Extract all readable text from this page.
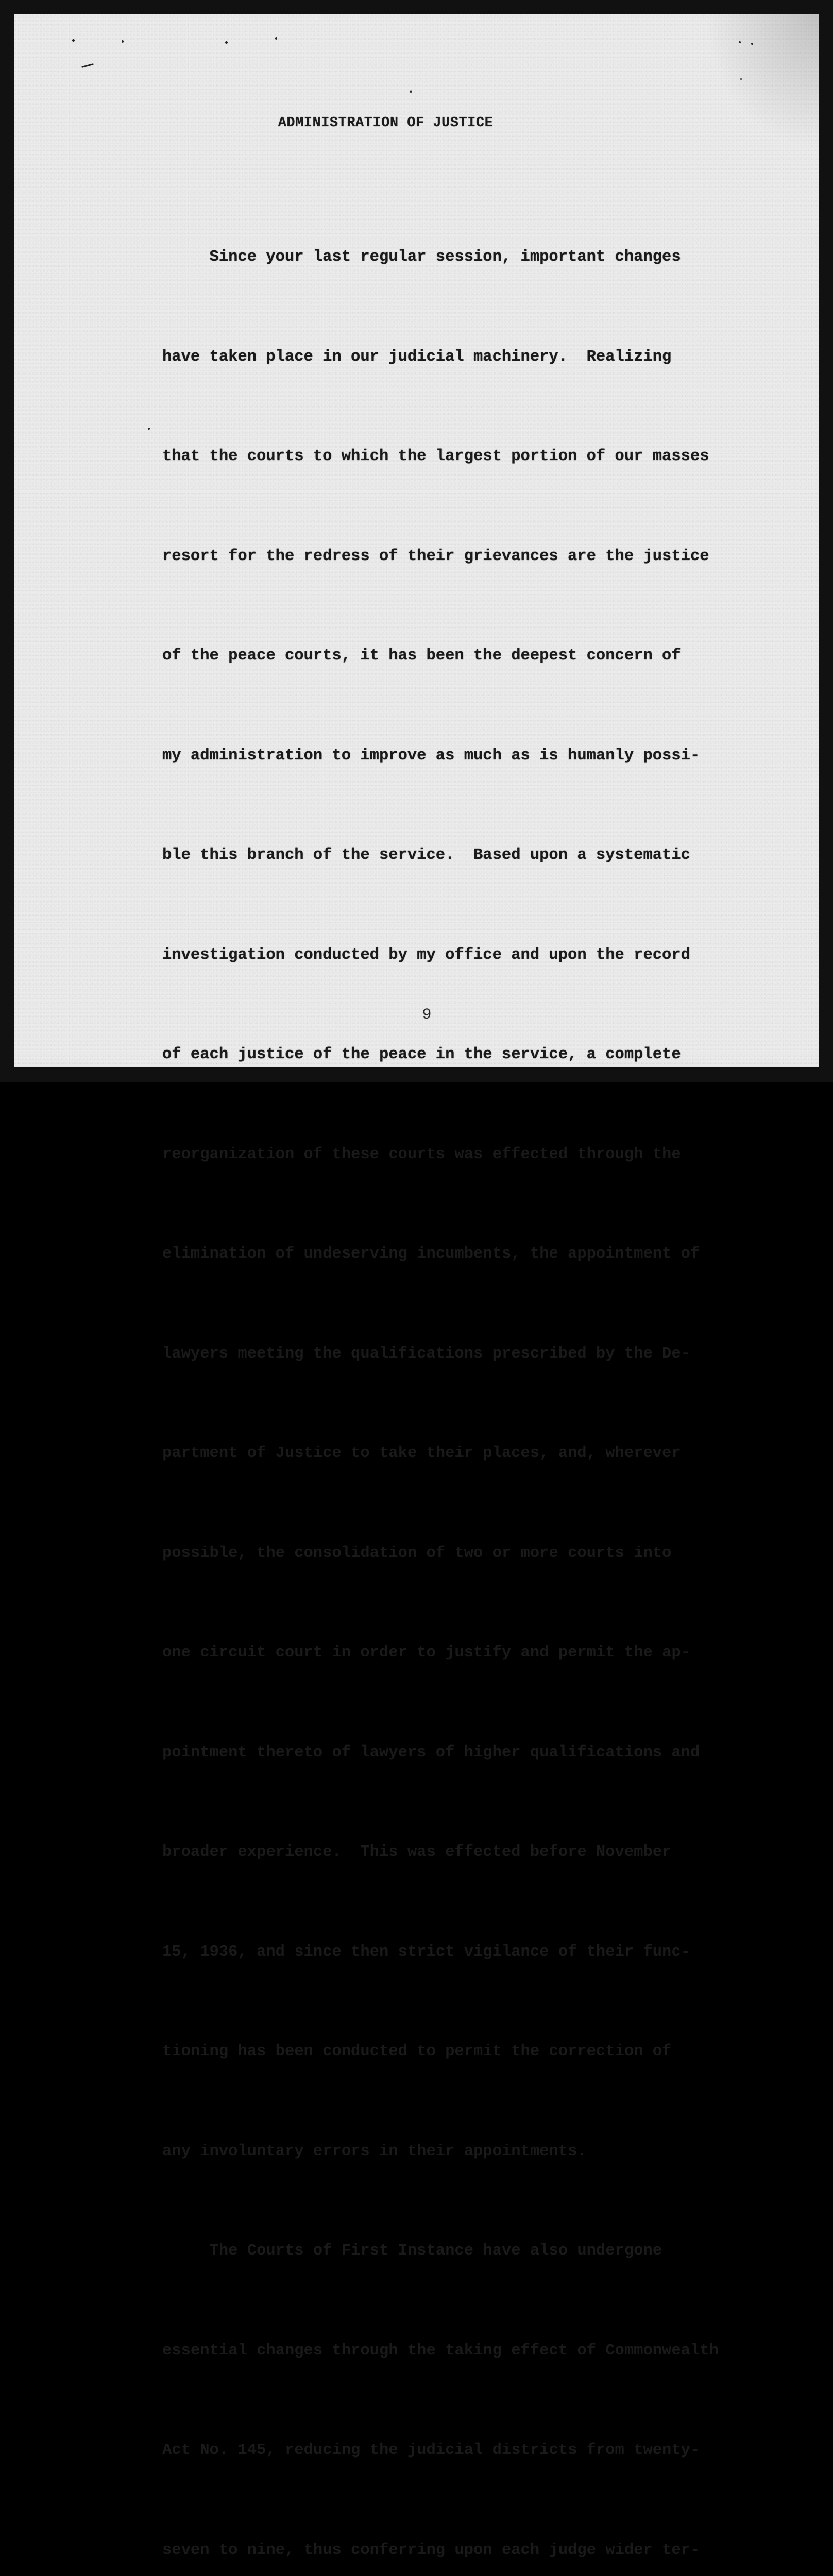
ADMINISTRATION OF JUSTICE

Since your last regular session, important changes

have taken place in our judicial machinery.  Realizing

that the courts to which the largest portion of our masses

resort for the redress of their grievances are the justice

of the peace courts, it has been the deepest concern of

my administration to improve as much as is humanly possi-

ble this branch of the service.  Based upon a systematic

investigation conducted by my office and upon the record

of each justice of the peace in the service, a complete

reorganization of these courts was effected through the

elimination of undeserving incumbents, the appointment of

lawyers meeting the qualifications prescribed by the De-

partment of Justice to take their places, and, wherever

possible, the consolidation of two or more courts into

one circuit court in order to justify and permit the ap-

pointment thereto of lawyers of higher qualifications and

broader experience.  This was effected before November

15, 1936, and since then strict vigilance of their func-

tioning has been conducted to permit the correction of

any involuntary errors in their appointments.

The Courts of First Instance have also undergone

essential changes through the taking effect of Commonwealth

Act No. 145, reducing the judicial districts from twenty-

seven to nine, thus conferring upon each judge wider ter-

9
